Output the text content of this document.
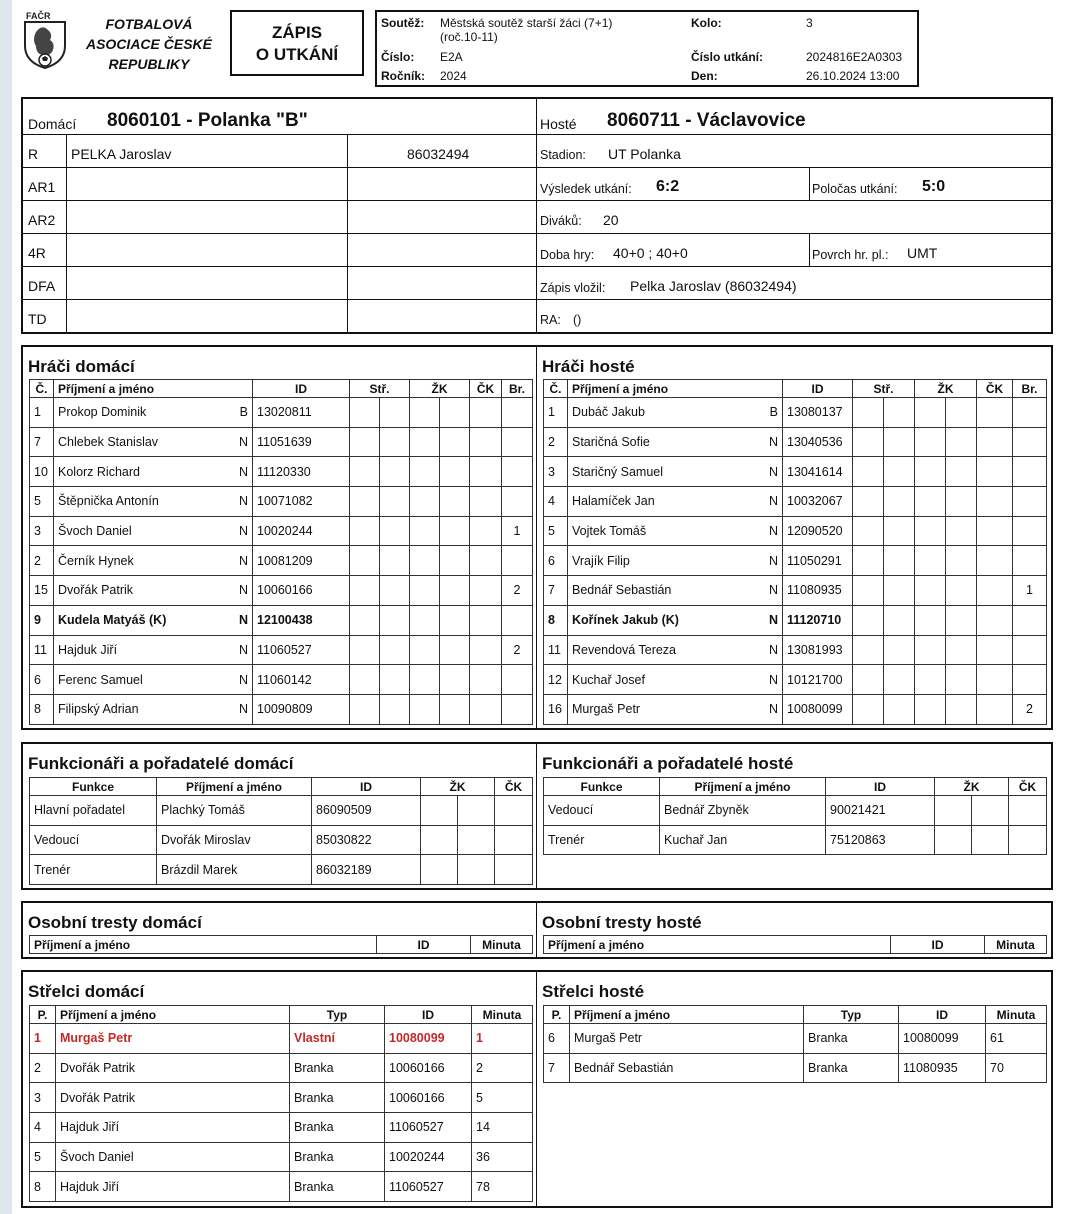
FAČR	FOTBALOVÁ
ASOCIACE ČESKÉ
REPUBLIKY
ZÁPIS
O UTKÁNÍ
Soutěž: Městská soutěž starší žáci (7+1)
(roč.10-11)
Kolo:	3
Číslo: E2A	Číslo utkání:	2024816E2A0303
Ročník: 2024	Den:	26.10.2024 13:00
Domácí 8060101 - Polanka "B"	Hosté 8060711 - Václavovice
R PELKA Jaroslav	86032494
AR1
AR2
4R
DFA
TD
Stadion: UT Polanka
Výsledek utkání: 6:2	Poločas utkání: 5:0
Diváků: 20
Doba hry: 40+0 ; 40+0	Povrch hr. pl.: UMT
Zápis vložil: Pelka Jaroslav (86032494)
RA: ()
Hráči domácí	Hráči hosté
Č.	Příjmení a jméno	ID	Stř.		ŽK		ČK	Br.
1	Prokop Dominik B	13020811						
7	Chlebek Stanislav N	11051639						
10	Kolorz Richard N	11120330						
5	Štěpnička Antonín N	10071082						
3	Švoch Daniel N	10020244						1
2	Černík Hynek N	10081209						
15	Dvořák Patrik N	10060166						2
9	Kudela Matyáš (K) N	12100438						
11	Hajduk Jiří N	11060527						2
6	Ferenc Samuel N	11060142						
8	Filipský Adrian N	10090809						
Č.	Příjmení a jméno	ID	Stř.		ŽK		ČK	Br.
1	Dubáč Jakub B	13080137						
2	Staričná Sofie N	13040536						
3	Staričný Samuel N	13041614						
4	Halamíček Jan N	10032067						
5	Vojtek Tomáš N	12090520						
6	Vrajík Filip N	11050291						
7	Bednář Sebastián N	11080935						1
8	Kořínek Jakub (K) N	11120710						
11	Revendová Tereza N	13081993						
12	Kuchař Josef N	10121700						
16	Murgaš Petr N	10080099						2
Funkcionáři a pořadatelé domácí	Funkcionáři a pořadatelé hosté
Funkce	Příjmení a jméno	ID	ŽK		ČK
Hlavní pořadatel	Plachký Tomáš	86090509			
Vedoucí	Dvořák Miroslav	85030822			
Trenér	Brázdil Marek	86032189			
Funkce	Příjmení a jméno	ID	ŽK		ČK
Vedoucí	Bednář Zbyněk	90021421			
Trenér	Kuchař Jan	75120863			
Osobní tresty domácí	Osobní tresty hosté
Příjmení a jméno	ID	Minuta Příjmení a jméno	ID	Minuta
Střelci domácí	Střelci hosté
P.	Příjmení a jméno	Typ	ID	Minuta
1	Murgaš Petr	Vlastní	10080099	1
2	Dvořák Patrik	Branka	10060166	2
3	Dvořák Patrik	Branka	10060166	5
4	Hajduk Jiří	Branka	11060527	14
5	Švoch Daniel	Branka	10020244	36
8	Hajduk Jiří	Branka	11060527	78
P.	Příjmení a jméno	Typ	ID	Minuta
6	Murgaš Petr	Branka	10080099	61
7	Bednář Sebastián	Branka	11080935	70
